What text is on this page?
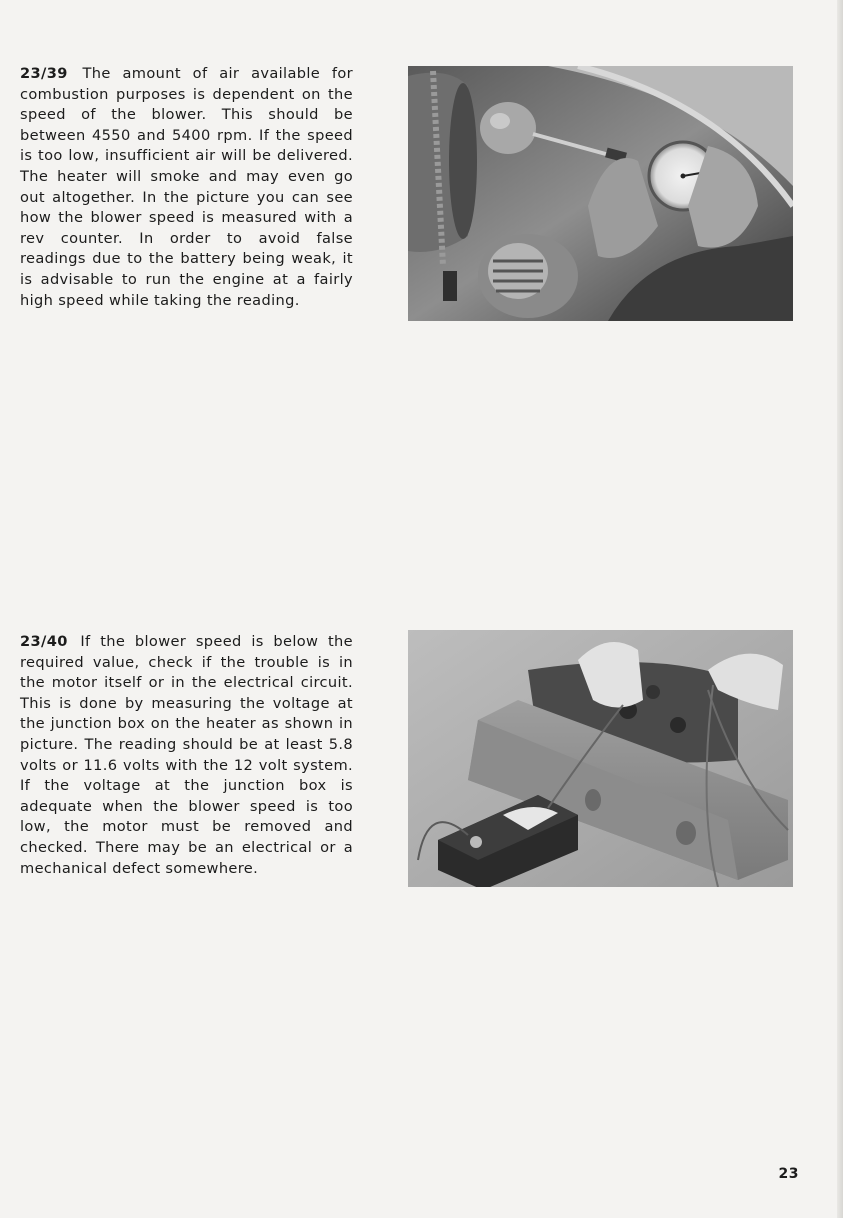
23/39 The amount of air available for combustion purposes is dependent on the speed of the blower. This should be between 4550 and 5400 rpm. If the speed is too low, insufficient air will be delivered. The heater will smoke and may even go out altogether. In the picture you can see how the blower speed is measured with a rev counter. In order to avoid false readings due to the battery being weak, it is advisable to run the engine at a fairly high speed while taking the reading.

23/40 If the blower speed is below the required value, check if the trouble is in the motor itself or in the electrical circuit. This is done by measuring the voltage at the junction box on the heater as shown in picture. The reading should be at least 5.8 volts or 11.6 volts with the 12 volt system. If the voltage at the junction box is adequate when the blower speed is too low, the motor must be removed and checked. There may be an electrical or a mechanical defect somewhere.

23
